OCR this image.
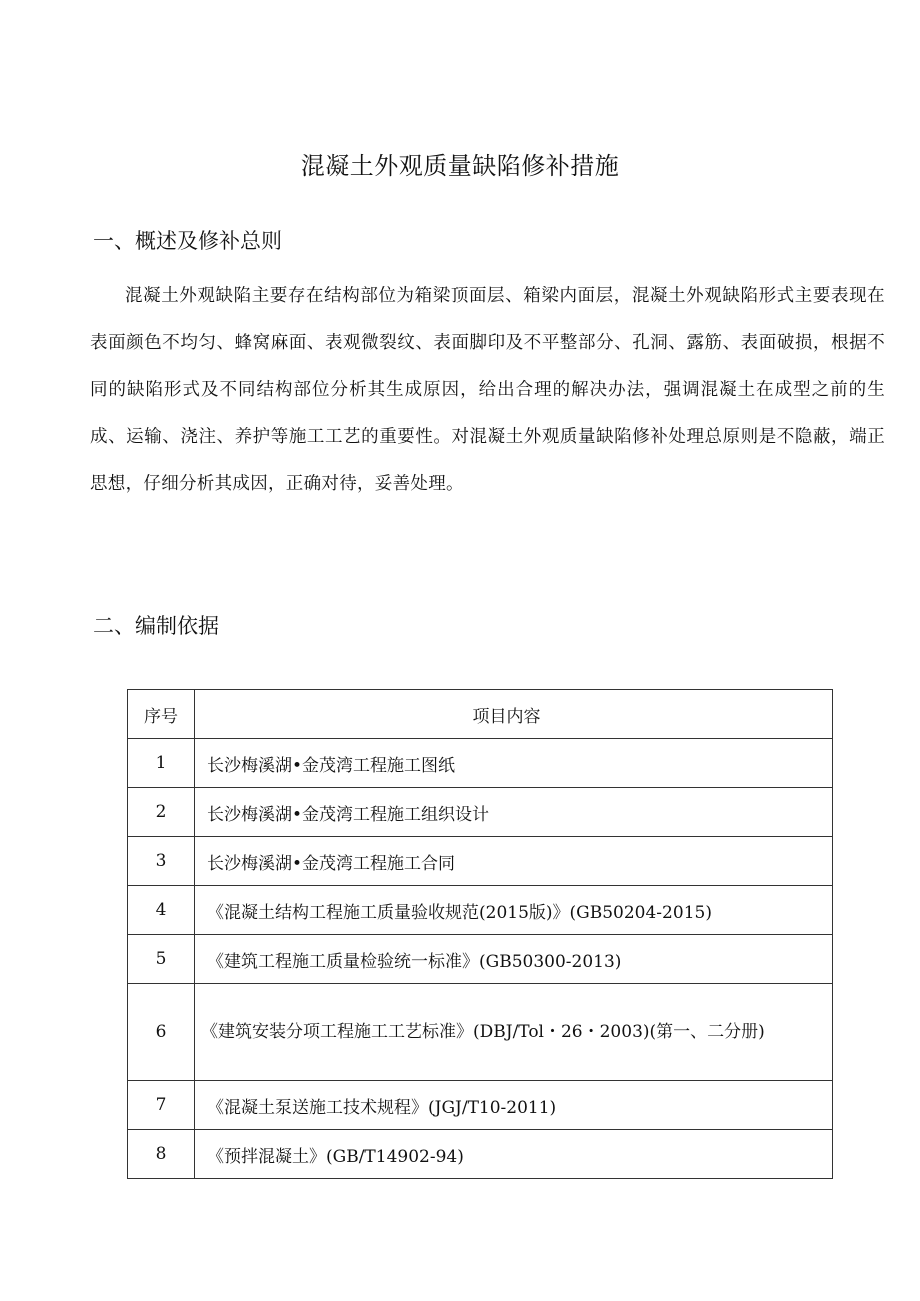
混凝土外观质量缺陷修补措施
一、概述及修补总则

混凝土外观缺陷主要存在结构部位为箱梁顶面层、箱梁内面层，混凝土外观缺陷形式主要表现在表面颜色不均匀、蜂窝麻面、表观微裂纹、表面脚印及不平整部分、孔洞、露筋、表面破损，根据不同的缺陷形式及不同结构部位分析其生成原因，给出合理的解决办法，强调混凝土在成型之前的生成、运输、浇注、养护等施工工艺的重要性。对混凝土外观质量缺陷修补处理总原则是不隐蔽，端正思想，仔细分析其成因，正确对待，妥善处理。

二、编制依据
序号	项目内容
1	长沙梅溪湖•金茂湾工程施工图纸
2	长沙梅溪湖•金茂湾工程施工组织设计
3	长沙梅溪湖•金茂湾工程施工合同
4	《混凝土结构工程施工质量验收规范(2015版)》(GB50204-2015)
5	《建筑工程施工质量检验统一标准》(GB50300-2013)
6	《建筑安装分项工程施工工艺标准》(DBJ/Tol・26・2003)(第一、二分册)
7	《混凝土泵送施工技术规程》(JGJ/T10-2011)
8	《预拌混凝土》(GB/T14902-94)
